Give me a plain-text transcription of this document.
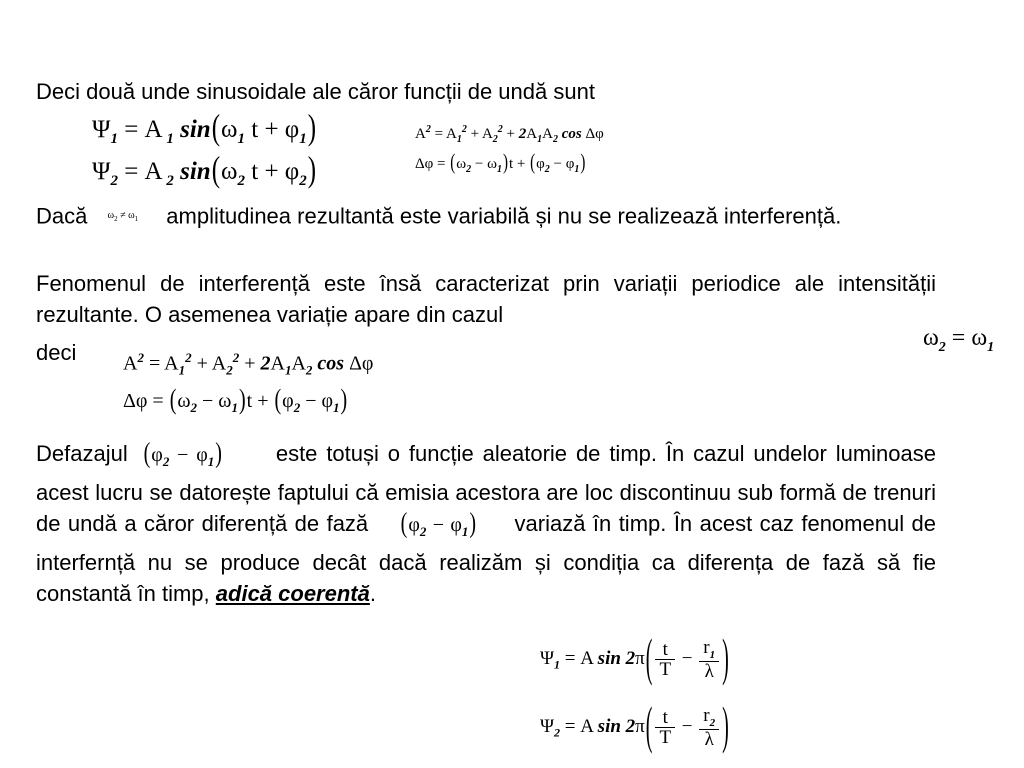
Deci două unde sinusoidale ale căror funcții de undă sunt
$\Psi_1 = A$ $_1$ $\sin(\omega_1$ $t + \varphi_1$)
$\Psi_2 = A$ $_2$ $\sin(\omega_2$ $t + \varphi_2$)
$A^2 = A_1^2 + A_2^2 + 2A_1A_2$ cos Δφ
$\Delta\varphi = (\omega_2 - \omega_1)t + (\varphi_2 - \varphi_1)$
Dacă $\omega_2 \ne \omega_1$ amplitudinea rezultantă este variabilă și nu se realizează interferență.
Fenomenul de interferență este însă caracterizat prin variații periodice ale intensității rezultante. O asemenea variație apare din cazul
deci
$\omega_2 = \omega_1$
$A^2 = A_1^2 + A_2^2 + 2A_1A_2$ cos Δφ
$\Delta\varphi = (\omega_2 - \omega_1)t + (\varphi_2 - \varphi_1)$
Defazajul $(\varphi_2 - \varphi_1)$ este totuși o funcție aleatorie de timp. În cazul undelor luminoase acest lucru se datorește faptului că emisia acestora are loc discontinuu sub formă de trenuri de undă a căror diferență de fază $(\varphi_2 - \varphi_1)$ variază în timp. În acest caz fenomenul de interfernță nu se produce decât dacă realizăm și condiția ca diferența de fază să fie constantă în timp, adică coerentă.
$\Psi_1 = A$ $\sin 2\pi( \frac{t}{T} - \frac{r_1}{\lambda}$ )
$\Psi_2 = A$ $\sin 2\pi( \frac{t}{T} - \frac{r_2}{\lambda}$ )
